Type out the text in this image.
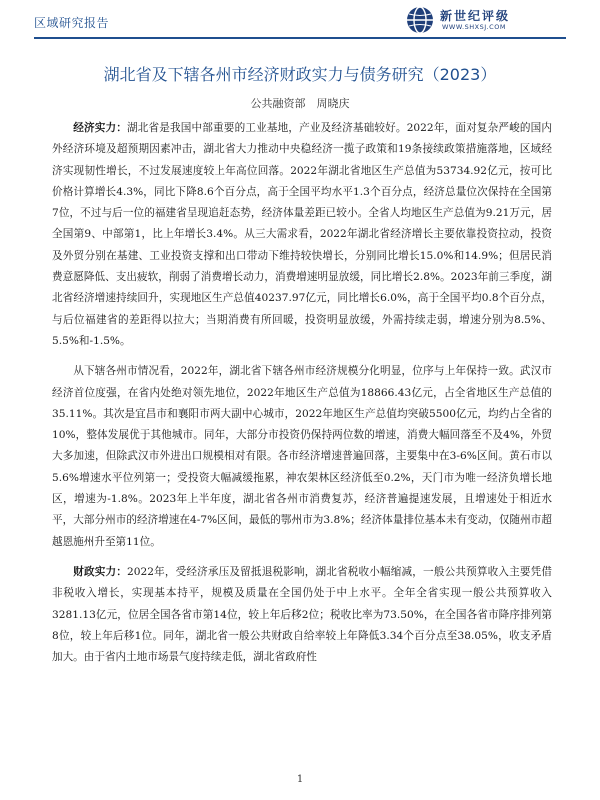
区域研究报告	新世纪评级
WWW.SHXSJ.COM
湖北省及下辖各州市经济财政实力与债务研究（2023）
公共融资部　周晓庆

经济实力：湖北省是我国中部重要的工业基地，产业及经济基础较好。2022年，面对复杂严峻的国内外经济环境及超预期因素冲击，湖北省大力推动中央稳经济一揽子政策和19条接续政策措施落地，区域经济实现韧性增长，不过发展速度较上年高位回落。2022年湖北省地区生产总值为53734.92亿元，按可比价格计算增长4.3%，同比下降8.6个百分点，高于全国平均水平1.3个百分点，经济总量位次保持在全国第7位，不过与后一位的福建省呈现追赶态势，经济体量差距已较小。全省人均地区生产总值为9.21万元，居全国第9、中部第1，比上年增长3.4%。从三大需求看，2022年湖北省经济增长主要依靠投资拉动，投资及外贸分别在基建、工业投资支撑和出口带动下维持较快增长，分别同比增长15.0%和14.9%；但居民消费意愿降低、支出疲软，削弱了消费增长动力，消费增速明显放缓，同比增长2.8%。2023年前三季度，湖北省经济增速持续回升，实现地区生产总值40237.97亿元，同比增长6.0%，高于全国平均0.8个百分点，与后位福建省的差距得以拉大；当期消费有所回暖，投资明显放缓，外需持续走弱，增速分别为8.5%、5.5%和-1.5%。

从下辖各州市情况看，2022年，湖北省下辖各州市经济规模分化明显，位序与上年保持一致。武汉市经济首位度强，在省内处绝对领先地位，2022年地区生产总值为18866.43亿元，占全省地区生产总值的35.11%。其次是宜昌市和襄阳市两大副中心城市，2022年地区生产总值均突破5500亿元，均约占全省的10%，整体发展优于其他城市。同年，大部分市投资仍保持两位数的增速，消费大幅回落至不及4%，外贸大多加速，但除武汉市外进出口规模相对有限。各市经济增速普遍回落，主要集中在3-6%区间。黄石市以5.6%增速水平位列第一；受投资大幅减缓拖累，神农架林区经济低至0.2%，天门市为唯一经济负增长地区，增速为-1.8%。2023年上半年度，湖北省各州市消费复苏，经济普遍提速发展，且增速处于相近水平，大部分州市的经济增速在4-7%区间，最低的鄂州市为3.8%；经济体量排位基本未有变动，仅随州市超越恩施州升至第11位。

财政实力：2022年，受经济承压及留抵退税影响，湖北省税收小幅缩减，一般公共预算收入主要凭借非税收入增长，实现基本持平，规模及质量在全国仍处于中上水平。全年全省实现一般公共预算收入3281.13亿元，位居全国各省市第14位，较上年后移2位；税收比率为73.50%，在全国各省市降序排列第8位，较上年后移1位。同年，湖北省一般公共财政自给率较上年降低3.34个百分点至38.05%，收支矛盾加大。由于省内土地市场景气度持续走低，湖北省政府性

1
